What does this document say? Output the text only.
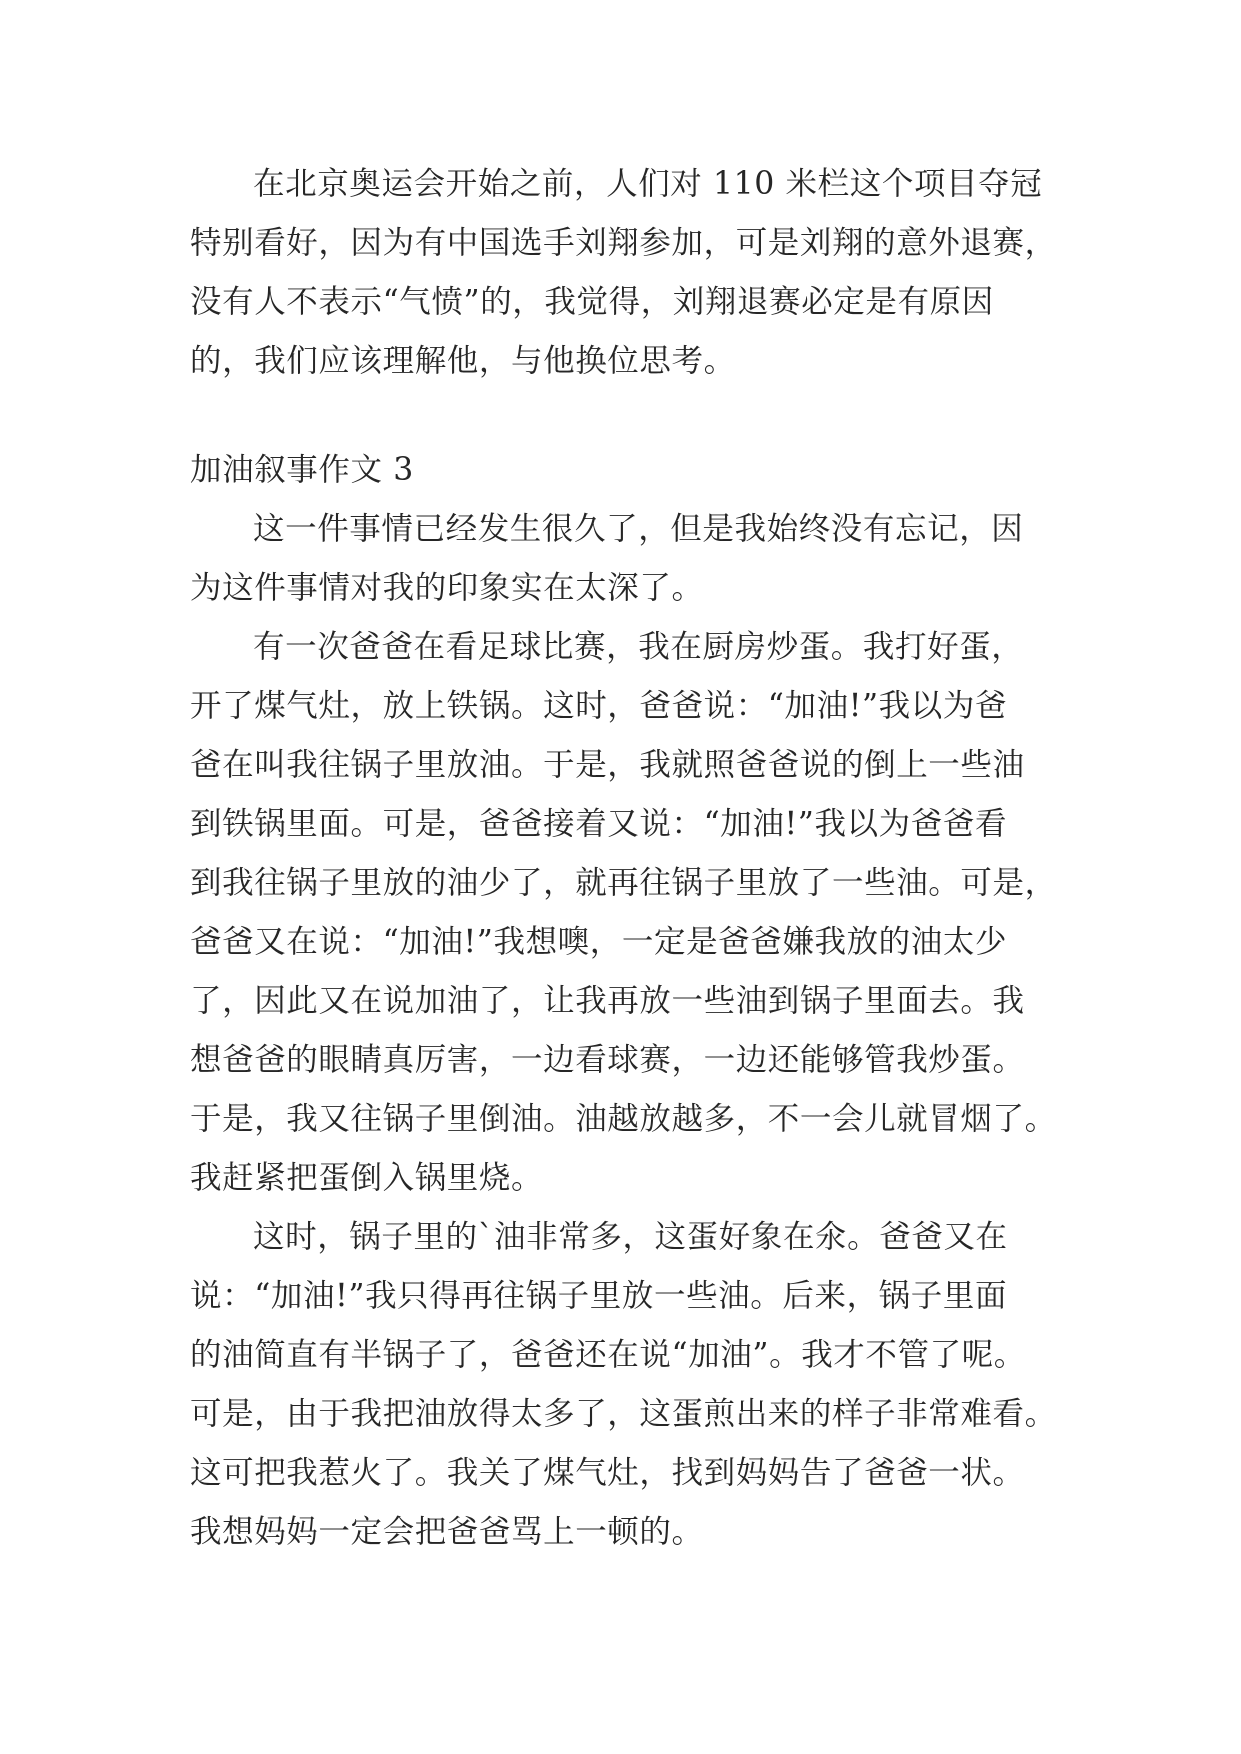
在北京奥运会开始之前，人们对 110 米栏这个项目夺冠
特别看好，因为有中国选手刘翔参加，可是刘翔的意外退赛，
没有人不表示“气愤”的，我觉得，刘翔退赛必定是有原因
的，我们应该理解他，与他换位思考。

加油叙事作文 3

这一件事情已经发生很久了，但是我始终没有忘记，因
为这件事情对我的印象实在太深了。

有一次爸爸在看足球比赛，我在厨房炒蛋。我打好蛋，
开了煤气灶，放上铁锅。这时，爸爸说：“加油!”我以为爸
爸在叫我往锅子里放油。于是，我就照爸爸说的倒上一些油
到铁锅里面。可是，爸爸接着又说：“加油!”我以为爸爸看
到我往锅子里放的油少了，就再往锅子里放了一些油。可是，
爸爸又在说：“加油!”我想噢，一定是爸爸嫌我放的油太少
了，因此又在说加油了，让我再放一些油到锅子里面去。我
想爸爸的眼睛真厉害，一边看球赛，一边还能够管我炒蛋。
于是，我又往锅子里倒油。油越放越多，不一会儿就冒烟了。
我赶紧把蛋倒入锅里烧。

这时，锅子里的`油非常多，这蛋好象在氽。爸爸又在
说：“加油!”我只得再往锅子里放一些油。后来，锅子里面
的油简直有半锅子了，爸爸还在说“加油”。我才不管了呢。
可是，由于我把油放得太多了，这蛋煎出来的样子非常难看。
这可把我惹火了。我关了煤气灶，找到妈妈告了爸爸一状。
我想妈妈一定会把爸爸骂上一顿的。
